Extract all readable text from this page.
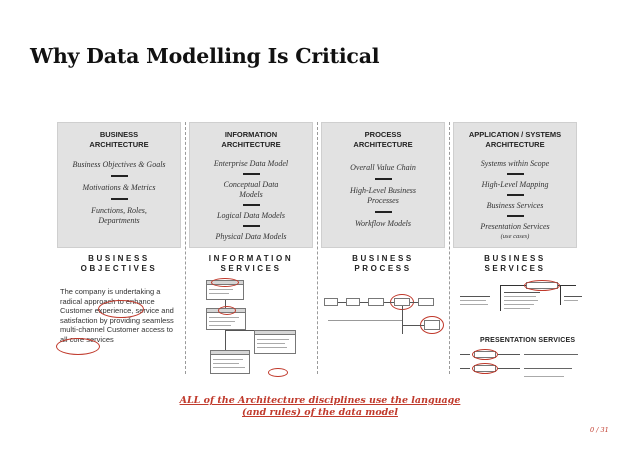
Why Data Modelling Is Critical
BUSINESS ARCHITECTURE
Business Objectives & Goals
Motivations & Metrics
Functions, Roles, Departments
BUSINESS OBJECTIVES
INFORMATION ARCHITECTURE
Enterprise Data Model
Conceptual Data Models
Logical Data Models
Physical Data Models
INFORMATION SERVICES
PROCESS ARCHITECTURE
Overall Value Chain
High-Level Business Processes
Workflow Models
BUSINESS PROCESS
APPLICATION / SYSTEMS ARCHITECTURE
Systems within Scope
High-Level Mapping
Business Services
Presentation Services
(use cases)
BUSINESS SERVICES
The company is undertaking a radical approach to enhance Customer experience, service and satisfaction by providing seamless multi-channel Customer access to all core services	PRESENTATION SERVICES
ALL of the Architecture disciplines use the language
(and rules) of the data model
0 / 31
